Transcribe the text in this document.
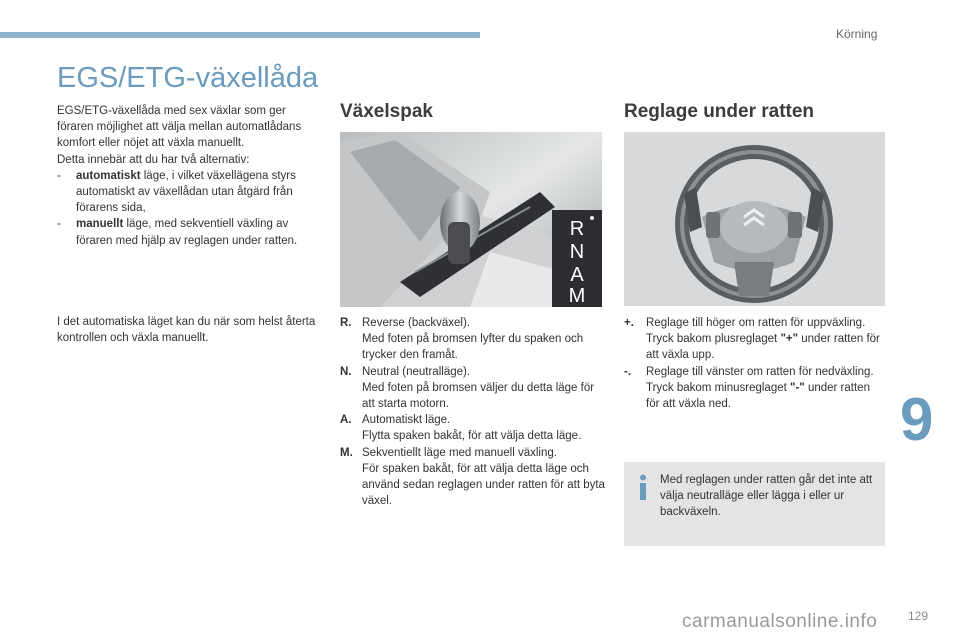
Körning
EGS/ETG-växellåda

EGS/ETG-växellåda med sex växlar som ger föraren möjlighet att välja mellan automatlådans komfort eller nöjet att växla manuellt.

Detta innebär att du har två alternativ:

-	automatiskt läge, i vilket växellägena styrs automatiskt av växellådan utan åtgärd från förarens sida,
-	manuellt läge, med sekventiell växling av föraren med hjälp av reglagen under ratten.

I det automatiska läget kan du när som helst återta kontrollen och växla manuellt.

Växelspak	Reglage under ratten
R
N
A
M
R. Reverse (backväxel).
Med foten på bromsen lyfter du spaken och trycker den framåt.
N. Neutral (neutralläge).
Med foten på bromsen väljer du detta läge för att starta motorn.
A. Automatiskt läge.
Flytta spaken bakåt, för att välja detta läge.
M. Sekventiellt läge med manuell växling.
För spaken bakåt, för att välja detta läge och använd sedan reglagen under ratten för att byta växel.
+.	Reglage till höger om ratten för uppväxling.
Tryck bakom plusreglaget "+" under ratten för att växla upp.
-.	Reglage till vänster om ratten för nedväxling.
Tryck bakom minusreglaget "-" under ratten för att växla ned.

Med reglagen under ratten går det inte att välja neutralläge eller lägga i eller ur backväxeln.

9
carmanualsonline.info	129
